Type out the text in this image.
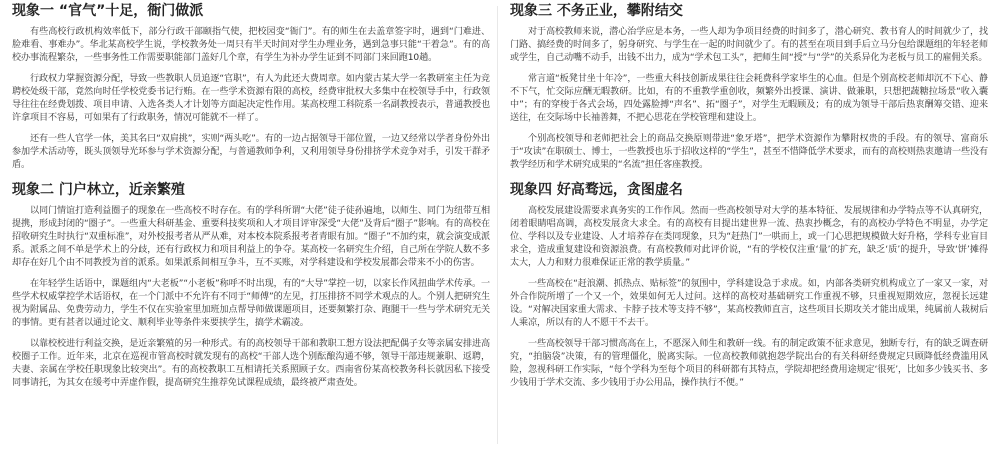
现象一 “官气”十足，衙门做派

有些高校行政机构效率低下，部分行政干部颐指气使，把校园变“衙门”。有的师生在去盖章签字时，遇到“门难进、脸难看、事难办”。华北某高校学生说，学校教务处一周只有半天时间对学生办理业务，遇到急事只能“干着急”。有的高校办事流程繁杂，一些事务性工作需要职能部门盖好几个章，有学生为补办学生证到不同部门来回跑10趟。

行政权力掌握资源分配，导致一些教职人员追逐“官职”，有人为此还大费周章。如内蒙古某大学一名教研室主任为竞聘校处级干部，竟然向时任学校党委书记行贿。在一些学术资源有限的高校，经费审批权大多集中在校领导手中，行政领导往往在经费划拨、项目申请、入选各类人才计划等方面起决定性作用。某高校理工科院系一名副教授表示，普通教授也许拿项目不容易，可如果有了行政职务，情况可能就不一样了。

还有一些人官学一体，美其名曰“双肩挑”，实则“两头吃”。有的一边占据领导干部位置，一边又经常以学者身份外出参加学术活动等，既头顶领导光环参与学术资源分配，与普通教师争利，又利用领导身份排挤学术竞争对手，引发干群矛盾。

现象二 门户林立，近亲繁殖

以同门情谊打造利益圈子的现象在一些高校不时存在。有的学科所谓“大佬”徒子徒孙遍地，以师生、同门为纽带互相提携，形成封闭的“圈子”。一些重大科研基金、重要科技奖项和人才项目评审深受“大佬”及背后“圈子”影响。有的高校在招收研究生时执行“双重标准”，对外校报考者从严从难，对本校本院系报考者青眼有加。“圈子”不加约束，就会演变成派系。派系之间不单是学术上的分歧，还有行政权力和项目利益上的争夺。某高校一名研究生介绍，自己所在学院人数不多却存在好几个由不同教授为首的派系。如果派系间相互争斗，互不买账，对学科建设和学校发展都会带来不小的伤害。

在年轻学生话语中，课题组内“大老板”“小老板”称呼不时出现，有的“大导”掌控一切，以家长作风扭曲学术传承。一些学术权威掌控学术话语权，在一个门派中不允许有不同于“师傅”的左见，打压排挤不同学术观点的人。个别人把研究生视为附属品、免费劳动力，学生不仅在实验室里加班加点帮导师做课题项目，还要频繁打杂、跑腿干一些与学术研究无关的事情。更有甚者以通过论文、顺利毕业等条件来要挟学生，搞学术霸凌。

以靠校校进行利益交换，是近亲繁殖的另一种形式。有的高校领导干部和教职工想方设法把配偶子女等亲属安排进高校圈子工作。近年来，北京在巡视市管高校时就发现有的高校“干部人选个别酝酿沟通不够，领导干部违规兼职、返聘，夫妻、亲属在学校任职现象比较突出”。有的高校教职工互相请托关系照顾子女。西南省份某高校教务科长就因私下接受同事请托，为其女在缓考中弄虚作假，提高研究生推荐免试课程成绩，最终被严肃查处。

现象三 不务正业，攀附结交

对于高校教师来说，潜心治学应是本务，一些人却为争项目经费的时间多了，潜心研究、教书育人的时间就少了，找门路、搞经费的时间多了，躬身研究、与学生在一起的时间就少了。有的甚至在项目到手后立马分包给课题组的年轻老师或学生，自己动嘴不动手，出钱不出力，成为“学术包工头”，把师生间“授”与“学”的关系异化为老板与员工的雇佣关系。

常言道“板凳甘坐十年冷”，一些重大科技创新成果往往会耗费科学家毕生的心血。但是个别高校老师却沉不下心、静不下气，忙交际应酬无暇教研。比如，有的不重教学重创收，频繁外出授课、演讲、做兼职，只想把蔬糖拉场景“收入囊中”；有的穿梭于各式会场，四处露脸搏“声名”、拓“圈子”，对学生无暇顾及；有的成为领导干部后热衷酬筹交错、迎来送往，在交际场中长袖善舞，不把心思花在学校管理和建设上。

个别高校领导和老师把社会上的商品交换原则带进“象牙塔”，把学术资源作为攀附权贵的手段。有的领导、富商乐于“攻读”在职硕士、博士，一些教授也乐于招收这样的“学生”，甚至不惜降低学术要求，而有的高校则热衷邀请一些没有教学经历和学术研究成果的“名流”担任客座教授。

现象四 好高骛远，贪图虚名

高校发展建设需要求真务实的工作作风。然而一些高校领导对大学的基本特征、发展规律和办学特点等不认真研究，闭着眼睛唱高调，高校发展贪大求全。有的高校有目提出建世界一流、热衷抄概念，有的高校办学特色不明显，办学定位、学科以及专业建设、人才培养存在类同现象，只为“赶热门”一哄而上，或一门心思把规模做大好升格，学科专业盲目求全，造成重复建设和资源浪费。有高校教师对此评价说，“有的学校仅注重‘量’的扩充，缺乏‘质’的提升，导致‘饼’摊得太大，人力和财力很难保证正常的教学质量。”

一些高校在“赶浪潮、抓热点、贴标签”的氛围中，学科建设急于求成。如，内部各类研究机构成立了一家又一家，对外合作院所增了一个又一个，效果如何无人过问。这样的高校对基础研究工作重视不够，只重视短期效应，忽视长远建设。“对解决国家重大需求、卡脖子技术等支持不够”，某高校教师直言，这些项目长期攻关才能出成果，纯属前人栽树后人乘凉，所以有的人不愿干不去干。

一些高校领导干部习惯高高在上，不愿深入师生和教研一线。有的制定政策不征求意见，独断专行，有的缺乏调查研究，“拍脑袋”决策，有的管理僵化，脱离实际。一位高校教师就抱怨学院出台的有关科研经费规定只顾降低经费滥用风险，忽视科研工作实际，“每个学科为至每个项目的科研都有其特点，学院却把经费用途规定‘很死’，比如多少钱买书、多少钱用于学术交流、多少钱用于办公用品，操作执行不便。”
